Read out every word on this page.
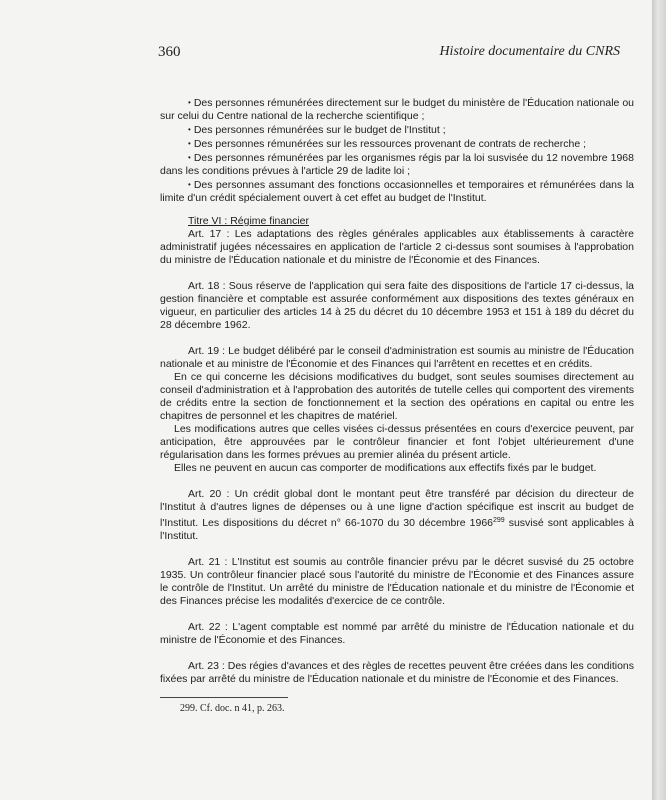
360	Histoire documentaire du CNRS

• Des personnes rémunérées directement sur le budget du ministère de l'Éducation nationale ou sur celui du Centre national de la recherche scientifique ;

• Des personnes rémunérées sur le budget de l'Institut ;

• Des personnes rémunérées sur les ressources provenant de contrats de recherche ;

• Des personnes rémunérées par les organismes régis par la loi susvisée du 12 novembre 1968 dans les conditions prévues à l'article 29 de ladite loi ;

• Des personnes assumant des fonctions occasionnelles et temporaires et rémunérées dans la limite d'un crédit spécialement ouvert à cet effet au budget de l'Institut.

Titre VI : Régime financier

Art. 17 : Les adaptations des règles générales applicables aux établissements à caractère administratif jugées nécessaires en application de l'article 2 ci-dessus sont soumises à l'approbation du ministre de l'Éducation nationale et du ministre de l'Économie et des Finances.

Art. 18 : Sous réserve de l'application qui sera faite des dispositions de l'article 17 ci-dessus, la gestion financière et comptable est assurée conformément aux dispositions des textes généraux en vigueur, en particulier des articles 14 à 25 du décret du 10 décembre 1953 et 151 à 189 du décret du 28 décembre 1962.

Art. 19 : Le budget délibéré par le conseil d'administration est soumis au ministre de l'Éducation nationale et au ministre de l'Économie et des Finances qui l'arrêtent en recettes et en crédits.

En ce qui concerne les décisions modificatives du budget, sont seules soumises directement au conseil d'administration et à l'approbation des autorités de tutelle celles qui comportent des virements de crédits entre la section de fonctionnement et la section des opérations en capital ou entre les chapitres de personnel et les chapitres de matériel.

Les modifications autres que celles visées ci-dessus présentées en cours d'exercice peuvent, par anticipation, être approuvées par le contrôleur financier et font l'objet ultérieurement d'une régularisation dans les formes prévues au premier alinéa du présent article.

Elles ne peuvent en aucun cas comporter de modifications aux effectifs fixés par le budget.

Art. 20 : Un crédit global dont le montant peut être transféré par décision du directeur de l'Institut à d'autres lignes de dépenses ou à une ligne d'action spécifique est inscrit au budget de l'Institut. Les dispositions du décret n° 66-1070 du 30 décembre 1966$^{299}$ susvisé sont applicables à l'Institut.

Art. 21 : L'Institut est soumis au contrôle financier prévu par le décret susvisé du 25 octobre 1935. Un contrôleur financier placé sous l'autorité du ministre de l'Économie et des Finances assure le contrôle de l'Institut. Un arrêté du ministre de l'Éducation nationale et du ministre de l'Économie et des Finances précise les modalités d'exercice de ce contrôle.

Art. 22 : L'agent comptable est nommé par arrêté du ministre de l'Éducation nationale et du ministre de l'Économie et des Finances.

Art. 23 : Des régies d'avances et des règles de recettes peuvent être créées dans les conditions fixées par arrêté du ministre de l'Éducation nationale et du ministre de l'Économie et des Finances.

299. Cf. doc. n 41, p. 263.
